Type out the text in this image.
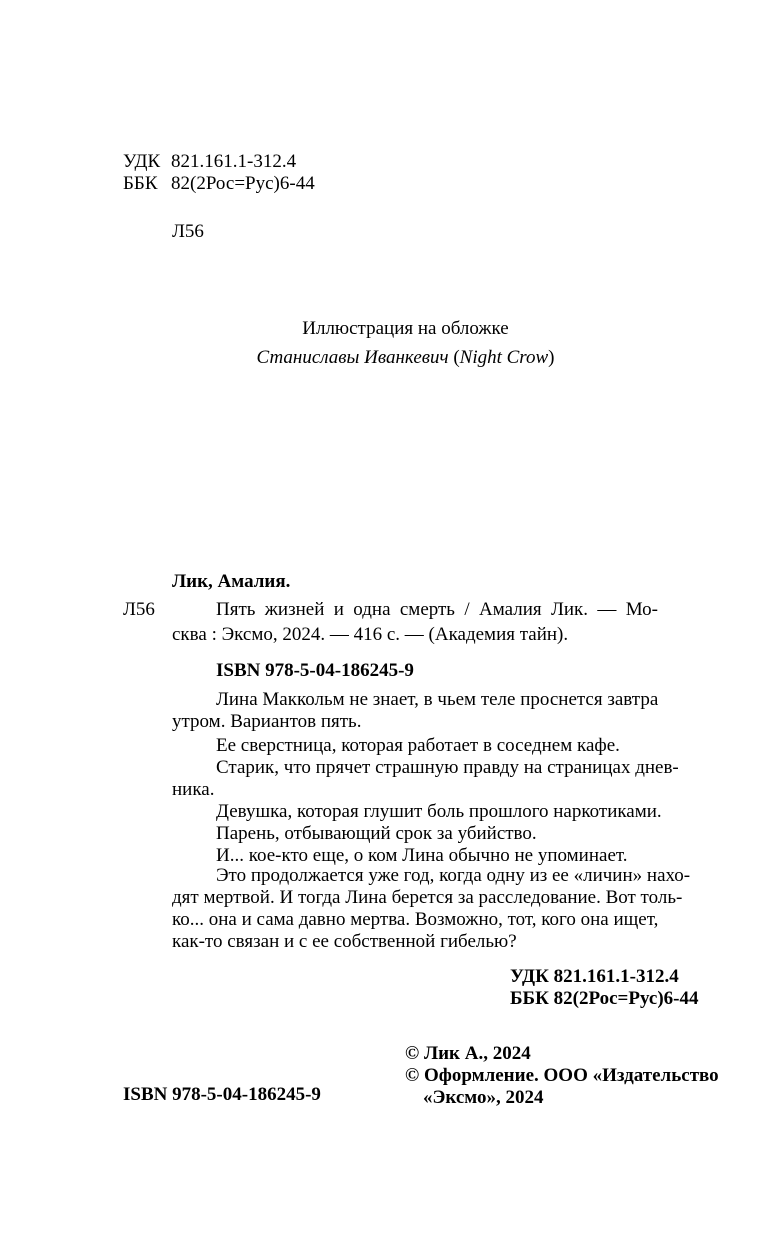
УДК 821.161.1-312.4
ББК 82(2Рос=Рус)6-44
Л56
Иллюстрация на обложке
Станиславы Иванкевич (Night Crow)
Лик, Амалия.
Л56	Пять жизней и одна смерть / Амалия Лик. — Мо-
сква : Эксмо, 2024. — 416 с. — (Академия тайн).
ISBN 978-5-04-186245-9
Лина Маккольм не знает, в чьем теле проснется завтра
утром. Вариантов пять.
Ее сверстница, которая работает в соседнем кафе.
Старик, что прячет страшную правду на страницах днев-
ника.
Девушка, которая глушит боль прошлого наркотиками.
Парень, отбывающий срок за убийство.
И... кое-кто еще, о ком Лина обычно не упоминает.
Это продолжается уже год, когда одну из ее «личин» нахо-
дят мертвой. И тогда Лина берется за расследование. Вот толь-
ко... она и сама давно мертва. Возможно, тот, кого она ищет,
как-то связан и с ее собственной гибелью?
УДК 821.161.1-312.4
ББК 82(2Рос=Рус)6-44
ISBN 978-5-04-186245-9
© Лик А., 2024
© Оформление. ООО «Издательство
«Эксмо», 2024
